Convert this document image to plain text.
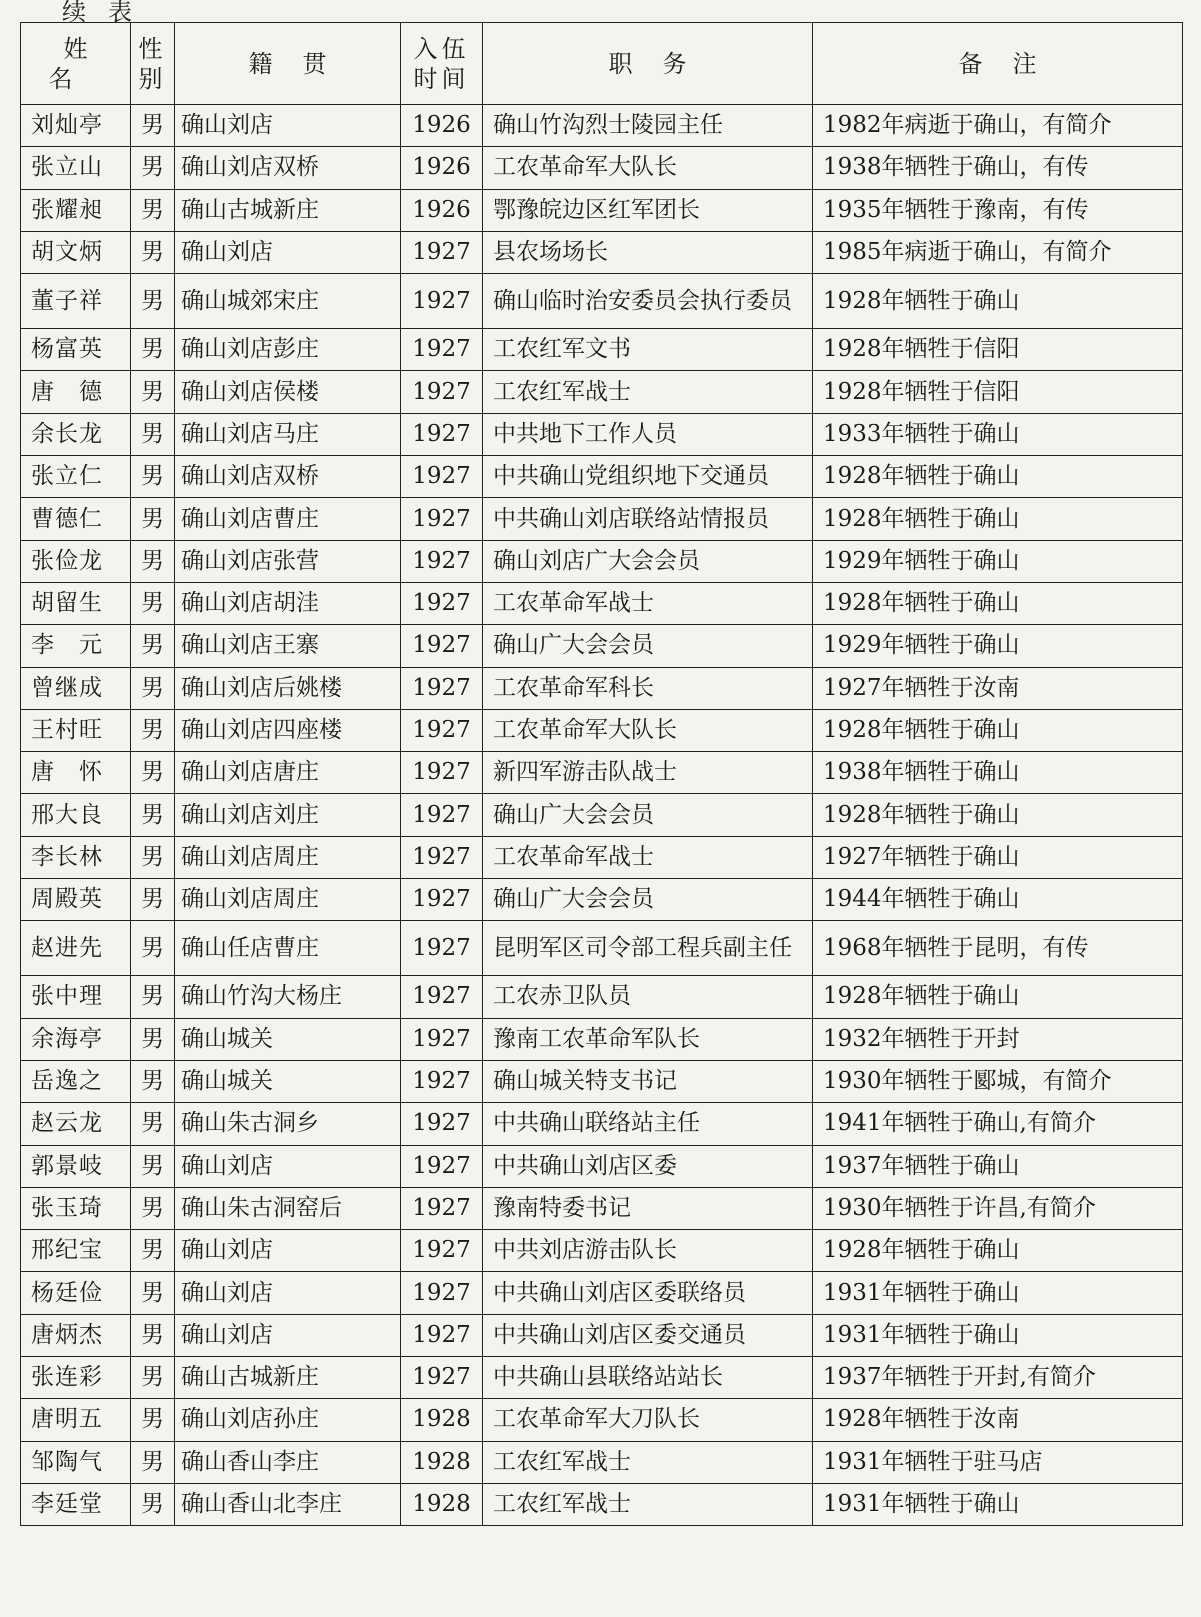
续表
姓名	性别	籍贯	入伍时间	职务	备注
刘灿亭	男	确山刘店	1926	确山竹沟烈士陵园主任	1982年病逝于确山，有简介
张立山	男	确山刘店双桥	1926	工农革命军大队长	1938年牺牲于确山，有传
张耀昶	男	确山古城新庄	1926	鄂豫皖边区红军团长	1935年牺牲于豫南，有传
胡文炳	男	确山刘店	1927	县农场场长	1985年病逝于确山，有简介
董子祥	男	确山城郊宋庄	1927	确山临时治安委员会执行委员	1928年牺牲于确山
杨富英	男	确山刘店彭庄	1927	工农红军文书	1928年牺牲于信阳
唐　德	男	确山刘店侯楼	1927	工农红军战士	1928年牺牲于信阳
余长龙	男	确山刘店马庄	1927	中共地下工作人员	1933年牺牲于确山
张立仁	男	确山刘店双桥	1927	中共确山党组织地下交通员	1928年牺牲于确山
曹德仁	男	确山刘店曹庄	1927	中共确山刘店联络站情报员	1928年牺牲于确山
张俭龙	男	确山刘店张营	1927	确山刘店广大会会员	1929年牺牲于确山
胡留生	男	确山刘店胡洼	1927	工农革命军战士	1928年牺牲于确山
李　元	男	确山刘店王寨	1927	确山广大会会员	1929年牺牲于确山
曾继成	男	确山刘店后姚楼	1927	工农革命军科长	1927年牺牲于汝南
王村旺	男	确山刘店四座楼	1927	工农革命军大队长	1928年牺牲于确山
唐　怀	男	确山刘店唐庄	1927	新四军游击队战士	1938年牺牲于确山
邢大良	男	确山刘店刘庄	1927	确山广大会会员	1928年牺牲于确山
李长林	男	确山刘店周庄	1927	工农革命军战士	1927年牺牲于确山
周殿英	男	确山刘店周庄	1927	确山广大会会员	1944年牺牲于确山
赵进先	男	确山任店曹庄	1927	昆明军区司令部工程兵副主任	1968年牺牲于昆明，有传
张中理	男	确山竹沟大杨庄	1927	工农赤卫队员	1928年牺牲于确山
余海亭	男	确山城关	1927	豫南工农革命军队长	1932年牺牲于开封
岳逸之	男	确山城关	1927	确山城关特支书记	1930年牺牲于郾城，有简介
赵云龙	男	确山朱古洞乡	1927	中共确山联络站主任	1941年牺牲于确山,有简介
郭景岐	男	确山刘店	1927	中共确山刘店区委	1937年牺牲于确山
张玉琦	男	确山朱古洞窑后	1927	豫南特委书记	1930年牺牲于许昌,有简介
邢纪宝	男	确山刘店	1927	中共刘店游击队长	1928年牺牲于确山
杨廷俭	男	确山刘店	1927	中共确山刘店区委联络员	1931年牺牲于确山
唐炳杰	男	确山刘店	1927	中共确山刘店区委交通员	1931年牺牲于确山
张连彩	男	确山古城新庄	1927	中共确山县联络站站长	1937年牺牲于开封,有简介
唐明五	男	确山刘店孙庄	1928	工农革命军大刀队长	1928年牺牲于汝南
邹陶气	男	确山香山李庄	1928	工农红军战士	1931年牺牲于驻马店
李廷堂	男	确山香山北李庄	1928	工农红军战士	1931年牺牲于确山
